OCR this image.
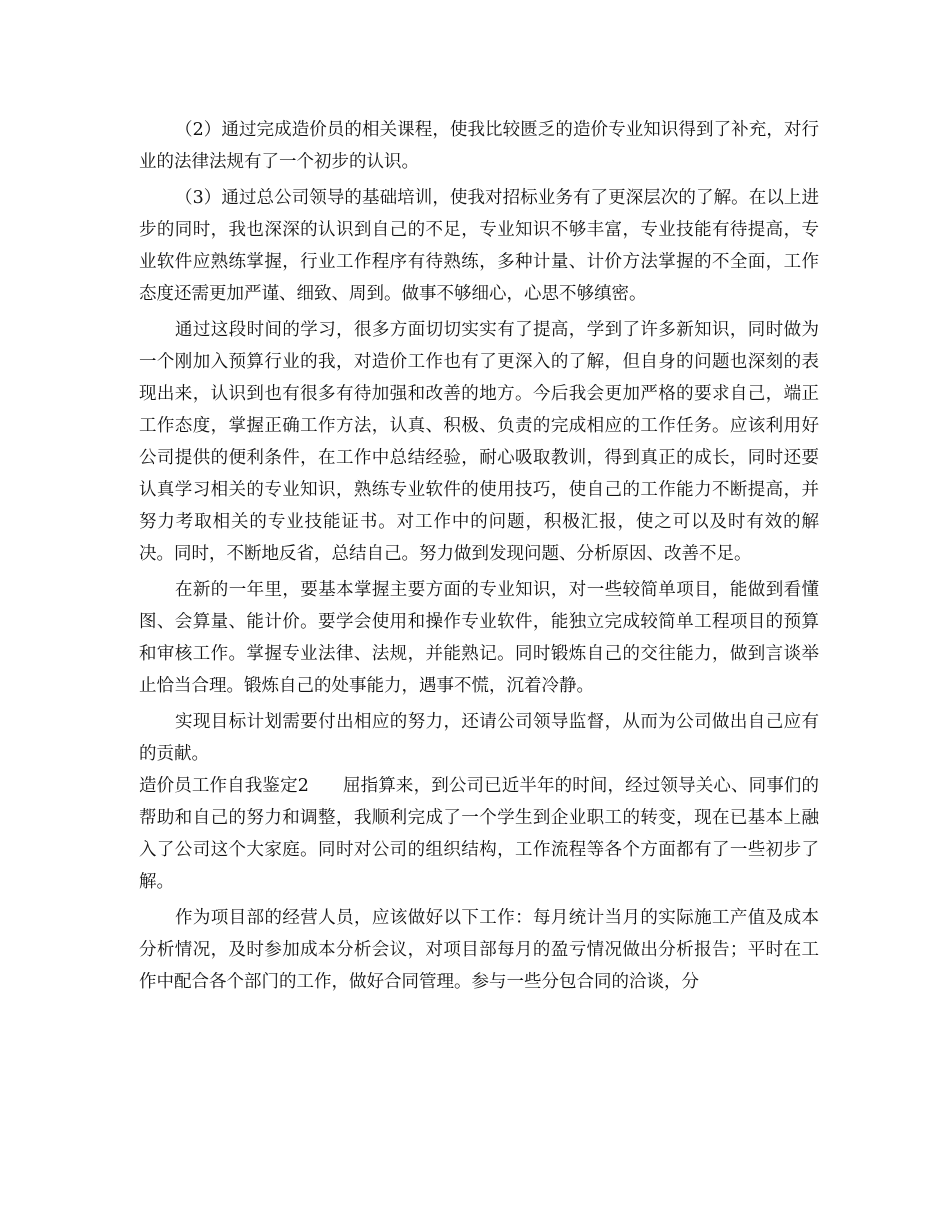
（2）通过完成造价员的相关课程，使我比较匮乏的造价专业知识得到了补充，对行业的法律法规有了一个初步的认识。

（3）通过总公司领导的基础培训，使我对招标业务有了更深层次的了解。在以上进步的同时，我也深深的认识到自己的不足，专业知识不够丰富，专业技能有待提高，专业软件应熟练掌握，行业工作程序有待熟练，多种计量、计价方法掌握的不全面，工作态度还需更加严谨、细致、周到。做事不够细心，心思不够缜密。

通过这段时间的学习，很多方面切切实实有了提高，学到了许多新知识，同时做为一个刚加入预算行业的我，对造价工作也有了更深入的了解，但自身的问题也深刻的表现出来，认识到也有很多有待加强和改善的地方。今后我会更加严格的要求自己，端正工作态度，掌握正确工作方法，认真、积极、负责的完成相应的工作任务。应该利用好公司提供的便利条件，在工作中总结经验，耐心吸取教训，得到真正的成长，同时还要认真学习相关的专业知识，熟练专业软件的使用技巧，使自己的工作能力不断提高，并努力考取相关的专业技能证书。对工作中的问题，积极汇报，使之可以及时有效的解决。同时，不断地反省，总结自己。努力做到发现问题、分析原因、改善不足。

在新的一年里，要基本掌握主要方面的专业知识，对一些较简单项目，能做到看懂图、会算量、能计价。要学会使用和操作专业软件，能独立完成较简单工程项目的预算和审核工作。掌握专业法律、法规，并能熟记。同时锻炼自己的交往能力，做到言谈举止恰当合理。锻炼自己的处事能力，遇事不慌，沉着冷静。

实现目标计划需要付出相应的努力，还请公司领导监督，从而为公司做出自己应有的贡献。

造价员工作自我鉴定2 屈指算来，到公司已近半年的时间，经过领导关心、同事们的帮助和自己的努力和调整，我顺利完成了一个学生到企业职工的转变，现在已基本上融入了公司这个大家庭。同时对公司的组织结构，工作流程等各个方面都有了一些初步了解。

作为项目部的经营人员，应该做好以下工作：每月统计当月的实际施工产值及成本分析情况，及时参加成本分析会议，对项目部每月的盈亏情况做出分析报告；平时在工作中配合各个部门的工作，做好合同管理。参与一些分包合同的洽谈，分
